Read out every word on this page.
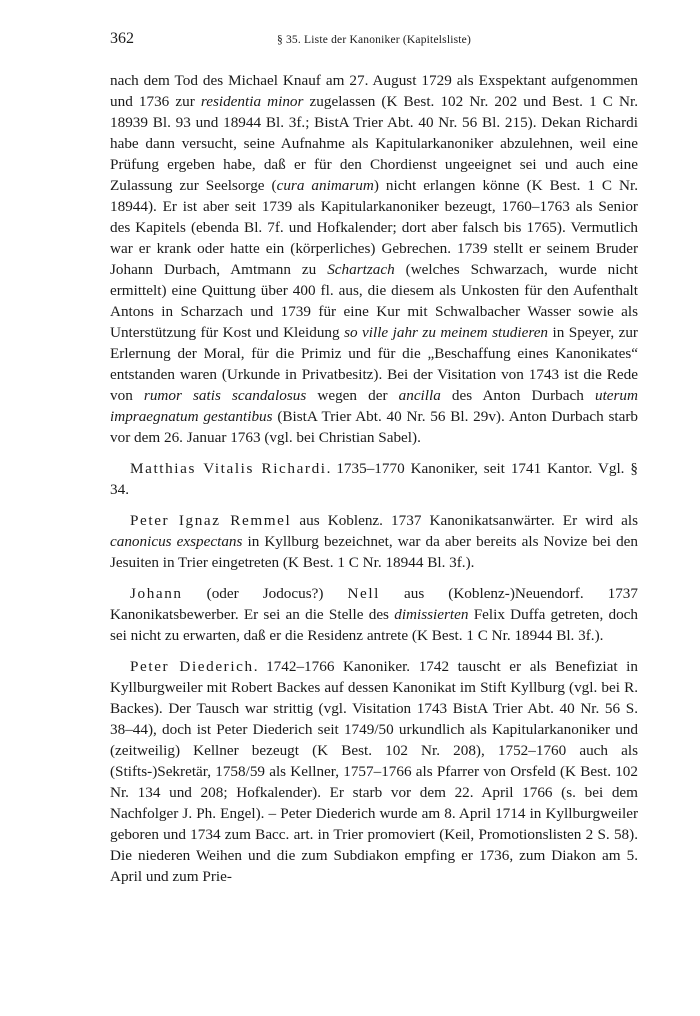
362	§ 35. Liste der Kanoniker (Kapitelsliste)

nach dem Tod des Michael Knauf am 27. August 1729 als Exspektant aufgenommen und 1736 zur residentia minor zugelassen (K Best. 102 Nr. 202 und Best. 1 C Nr. 18939 Bl. 93 und 18944 Bl. 3f.; BistA Trier Abt. 40 Nr. 56 Bl. 215). Dekan Richardi habe dann versucht, seine Aufnahme als Kapitularkanoniker abzulehnen, weil eine Prüfung ergeben habe, daß er für den Chordienst ungeeignet sei und auch eine Zulassung zur Seelsorge (cura animarum) nicht erlangen könne (K Best. 1 C Nr. 18944). Er ist aber seit 1739 als Kapitularkanoniker bezeugt, 1760–1763 als Senior des Kapitels (ebenda Bl. 7f. und Hofkalender; dort aber falsch bis 1765). Vermutlich war er krank oder hatte ein (körperliches) Gebrechen. 1739 stellt er seinem Bruder Johann Durbach, Amtmann zu Schartzach (welches Schwarzach, wurde nicht ermittelt) eine Quittung über 400 fl. aus, die diesem als Unkosten für den Aufenthalt Antons in Scharzach und 1739 für eine Kur mit Schwalbacher Wasser sowie als Unterstützung für Kost und Kleidung so ville jahr zu meinem studieren in Speyer, zur Erlernung der Moral, für die Primiz und für die „Beschaffung eines Kanonikates“ entstanden waren (Urkunde in Privatbesitz). Bei der Visitation von 1743 ist die Rede von rumor satis scandalosus wegen der ancilla des Anton Durbach uterum impraegnatum gestantibus (BistA Trier Abt. 40 Nr. 56 Bl. 29v). Anton Durbach starb vor dem 26. Januar 1763 (vgl. bei Christian Sabel).

Matthias Vitalis Richardi. 1735–1770 Kanoniker, seit 1741 Kantor. Vgl. § 34.

Peter Ignaz Remmel aus Koblenz. 1737 Kanonikatsanwärter. Er wird als canonicus exspectans in Kyllburg bezeichnet, war da aber bereits als Novize bei den Jesuiten in Trier eingetreten (K Best. 1 C Nr. 18944 Bl. 3f.).

Johann (oder Jodocus?) Nell aus (Koblenz-)Neuendorf. 1737 Kanonikatsbewerber. Er sei an die Stelle des dimissierten Felix Duffa getreten, doch sei nicht zu erwarten, daß er die Residenz antrete (K Best. 1 C Nr. 18944 Bl. 3f.).

Peter Diederich. 1742–1766 Kanoniker. 1742 tauscht er als Benefiziat in Kyllburgweiler mit Robert Backes auf dessen Kanonikat im Stift Kyllburg (vgl. bei R. Backes). Der Tausch war strittig (vgl. Visitation 1743 BistA Trier Abt. 40 Nr. 56 S. 38–44), doch ist Peter Diederich seit 1749/50 urkundlich als Kapitularkanoniker und (zeitweilig) Kellner bezeugt (K Best. 102 Nr. 208), 1752–1760 auch als (Stifts-)Sekretär, 1758/59 als Kellner, 1757–1766 als Pfarrer von Orsfeld (K Best. 102 Nr. 134 und 208; Hofkalender). Er starb vor dem 22. April 1766 (s. bei dem Nachfolger J. Ph. Engel). – Peter Diederich wurde am 8. April 1714 in Kyllburgweiler geboren und 1734 zum Bacc. art. in Trier promoviert (Keil, Promotionslisten 2 S. 58). Die niederen Weihen und die zum Subdiakon empfing er 1736, zum Diakon am 5. April und zum Prie-
